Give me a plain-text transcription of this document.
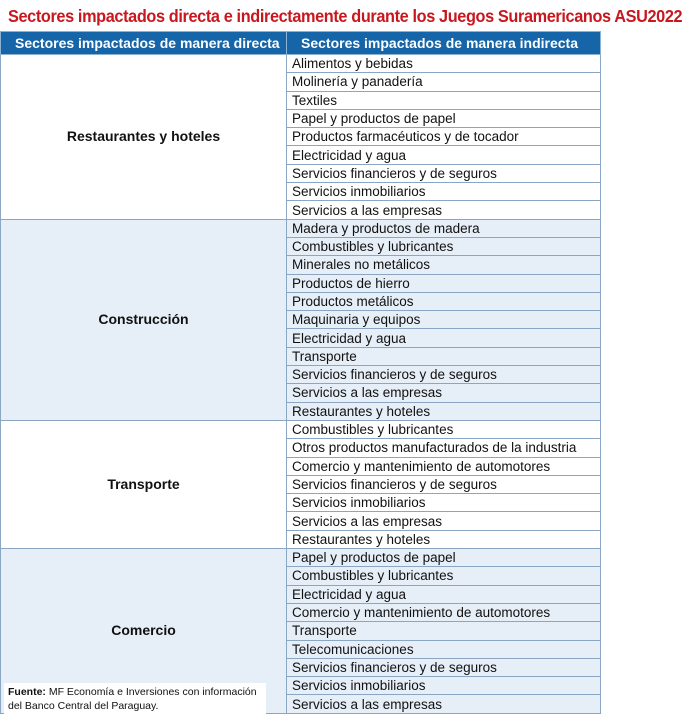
Sectores impactados directa e indirectamente durante los Juegos Suramericanos ASU2022
Sectores impactados de manera directa	Sectores impactados de manera indirecta
Restaurantes y hoteles	Alimentos y bebidas
	Molinería y panadería
	Textiles
	Papel y productos de papel
	Productos farmacéuticos y de tocador
	Electricidad y agua
	Servicios financieros y de seguros
	Servicios inmobiliarios
	Servicios a las empresas
Construcción	Madera y productos de madera
	Combustibles y lubricantes
	Minerales no metálicos
	Productos de hierro
	Productos metálicos
	Maquinaria y equipos
	Electricidad y agua
	Transporte
	Servicios financieros y de seguros
	Servicios a las empresas
	Restaurantes y hoteles
Transporte	Combustibles y lubricantes
	Otros productos manufacturados de la industria
	Comercio y mantenimiento de automotores
	Servicios financieros y de seguros
	Servicios inmobiliarios
	Servicios a las empresas
	Restaurantes y hoteles
Comercio	Papel y productos de papel
	Combustibles y lubricantes
	Electricidad y agua
	Comercio y mantenimiento de automotores
	Transporte
	Telecomunicaciones
	Servicios financieros y de seguros
	Servicios inmobiliarios
	Servicios a las empresas
Fuente: MF Economía e Inversiones con información del Banco Central del Paraguay.
